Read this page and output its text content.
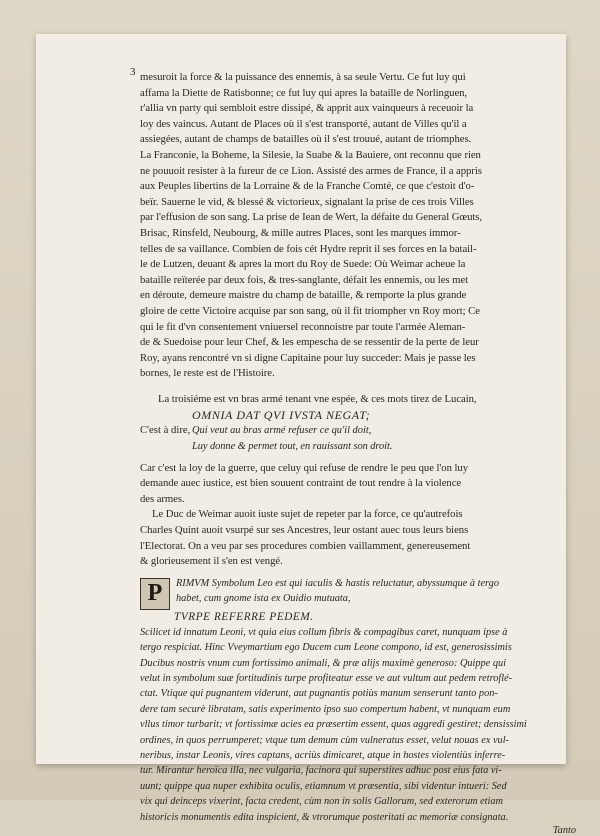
3 mesuroit la force & la puissance des ennemis, à sa seule Vertu. Ce fut luy qui

affama la Diette de Ratisbonne; ce fut luy qui apres la bataille de Norlinguen,

r'allia vn party qui sembloit estre dissipé, & apprit aux vainqueurs à receuoir la

loy des vaincus. Autant de Places où il s'est transporté, autant de Villes qu'il a

assiegées, autant de champs de batailles où il s'est trouué, autant de triomphes.

La Franconie, la Boheme, la Silesie, la Suabe & la Bauiere, ont reconnu que rien

ne pouuoit resister à la fureur de ce Lion. Assisté des armes de France, il a appris

aux Peuples libertins de la Lorraine & de la Franche Comté, ce que c'estoit d'o-

beïr. Sauerne le vid, & blessé & victorieux, signalant la prise de ces trois Villes

par l'effusion de son sang. La prise de Iean de Wert, la défaite du General Gœuts,

Brisac, Rinsfeld, Neubourg, & mille autres Places, sont les marques immor-

telles de sa vaillance. Combien de fois cét Hydre reprit il ses forces en la batail-

le de Lutzen, deuant & apres la mort du Roy de Suede: Où Weimar acheue la

bataille reïterée par deux fois, & tres-sanglante, défait les ennemis, ou les met

en déroute, demeure maistre du champ de bataille, & remporte la plus grande

gloire de cette Victoire acquise par son sang, où il fit triompher vn Roy mort; Ce

qui le fit d'vn consentement vniuersel reconnoistre par toute l'armée Aleman-

de & Suedoise pour leur Chef, & les empescha de se ressentir de la perte de leur

Roy, ayans rencontré vn si digne Capitaine pour luy succeder: Mais je passe les

bornes, le reste est de l'Histoire.

La troisiéme est vn bras armé tenant vne espée, & ces mots tirez de Lucain,

OMNIA DAT QVI IVSTA NEGAT;
C'est à dire, Qui veut au bras armé refuser ce qu'il doit,

Luy donne & permet tout, en rauissant son droit.

Car c'est la loy de la guerre, que celuy qui refuse de rendre le peu que l'on luy

demande auec iustice, est bien souuent contraint de tout rendre à la violence

des armes.

Le Duc de Weimar auoit iuste sujet de repeter par la force, ce qu'autrefois

Charles Quint auoit vsurpé sur ses Ancestres, leur ostant auec tous leurs biens

l'Electorat. On a veu par ses procedures combien vaillamment, genereusement

& glorieusement il s'en est vengé.

P	RIMVM Symbolum Leo est qui iaculis & hastis reluctatur, abyssumque à tergo

habet, cum gnome ista ex Ouidio mutuata,

TVRPE REFERRE PEDEM.

Scilicet id innatum Leoni, vt quia eius collum fibris & compagibus caret, nunquam ipse à

tergo respiciat. Hinc Vveymartium ego Ducem cum Leone compono, id est, generosissimis

Ducibus nostris vnum cum fortissimo animali, & præ alijs maximè generoso: Quippe qui

velut in symbolum suæ fortitudinis turpe profiteatur esse ve aut vultum aut pedem retroflé-

ctat. Vtique qui pugnantem viderunt, aut pugnantis potiùs manum senserunt tanto pon-

dere tam securè libratam, satis experimento ipso suo compertum habent, vt nunquam eum

vllus timor turbarit; vt fortissimæ acies ea præsertim essent, quas aggredi gestiret; densissimi

ordines, in quos perrumperet; vtque tum demum cùm vulneratus esset, velut nouas ex vul-

neribus, instar Leonis, vires captans, acriùs dimicaret, atque in hostes violentiùs inferre-

tur. Mirantur heroïca illa, nec vulgaria, facinora qui superstites adhuc post eius fata vi-

uunt; quippe qua nuper exhibita oculis, etiamnum vt præsentia, sibi videntur intueri: Sed

vix qui deinceps vixerint, facta credent, cùm non in solis Gallorum, sed exterorum etiam

historicis monumentis edita inspicient, & vtrorumque posteritati ac memoriæ consignata.

Tanto
